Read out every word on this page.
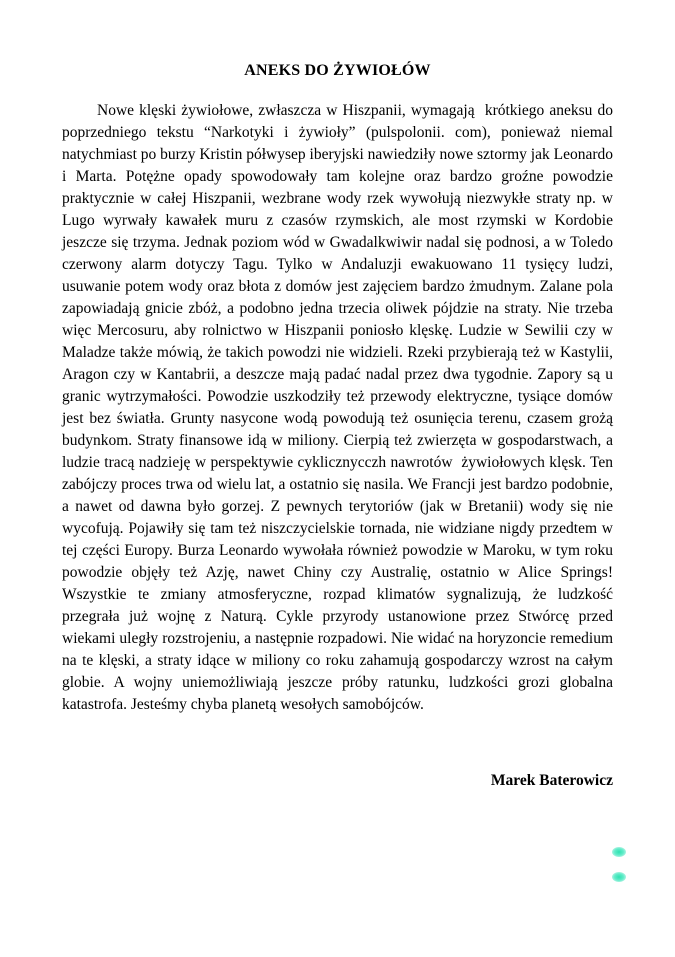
ANEKS DO ŻYWIOŁÓW

Nowe klęski żywiołowe, zwłaszcza w Hiszpanii, wymagają  krótkiego aneksu do poprzedniego tekstu “Narkotyki i żywioły” (pulspolonii. com), ponieważ niemal natychmiast po burzy Kristin półwysep iberyjski nawiedziły nowe sztormy jak Leonardo i Marta. Potężne opady spowodowały tam kolejne oraz bardzo groźne powodzie praktycznie w całej Hiszpanii, wezbrane wody rzek wywołują niezwykłe straty np. w Lugo wyrwały kawałek muru z czasów rzymskich, ale most rzymski w Kordobie jeszcze się trzyma. Jednak poziom wód w Gwadalkwiwir nadal się podnosi, a w Toledo czerwony alarm dotyczy Tagu. Tylko w Andaluzji ewakuowano 11 tysięcy ludzi, usuwanie potem wody oraz błota z domów jest zajęciem bardzo żmudnym. Zalane pola zapowiadają gnicie zbóż, a podobno jedna trzecia oliwek pójdzie na straty. Nie trzeba więc Mercosuru, aby rolnictwo w Hiszpanii poniosło klęskę. Ludzie w Sewilii czy w Maladze także mówią, że takich powodzi nie widzieli. Rzeki przybierają też w Kastylii, Aragon czy w Kantabrii, a deszcze mają padać nadal przez dwa tygodnie. Zapory są u granic wytrzymałości. Powodzie uszkodziły też przewody elektryczne, tysiące domów jest bez światła. Grunty nasycone wodą powodują też osunięcia terenu, czasem grożą budynkom. Straty finansowe idą w miliony. Cierpią też zwierzęta w gospodarstwach, a ludzie tracą nadzieję w perspektywie cyklicznycczh nawrotów  żywiołowych klęsk. Ten zabójczy proces trwa od wielu lat, a ostatnio się nasila. We Francji jest bardzo podobnie, a nawet od dawna było gorzej. Z pewnych terytoriów (jak w Bretanii) wody się nie wycofują. Pojawiły się tam też niszczycielskie tornada, nie widziane nigdy przedtem w tej części Europy. Burza Leonardo wywołała również powodzie w Maroku, w tym roku powodzie objęły też Azję, nawet Chiny czy Australię, ostatnio w Alice Springs! Wszystkie te zmiany atmosferyczne, rozpad klimatów sygnalizują, że ludzkość przegrała już wojnę z Naturą. Cykle przyrody ustanowione przez Stwórcę przed wiekami uległy rozstrojeniu, a następnie rozpadowi. Nie widać na horyzoncie remedium na te klęski, a straty idące w miliony co roku zahamują gospodarczy wzrost na całym globie. A wojny uniemożliwiają jeszcze próby ratunku, ludzkości grozi globalna katastrofa. Jesteśmy chyba planetą wesołych samobójców.

Marek Baterowicz
